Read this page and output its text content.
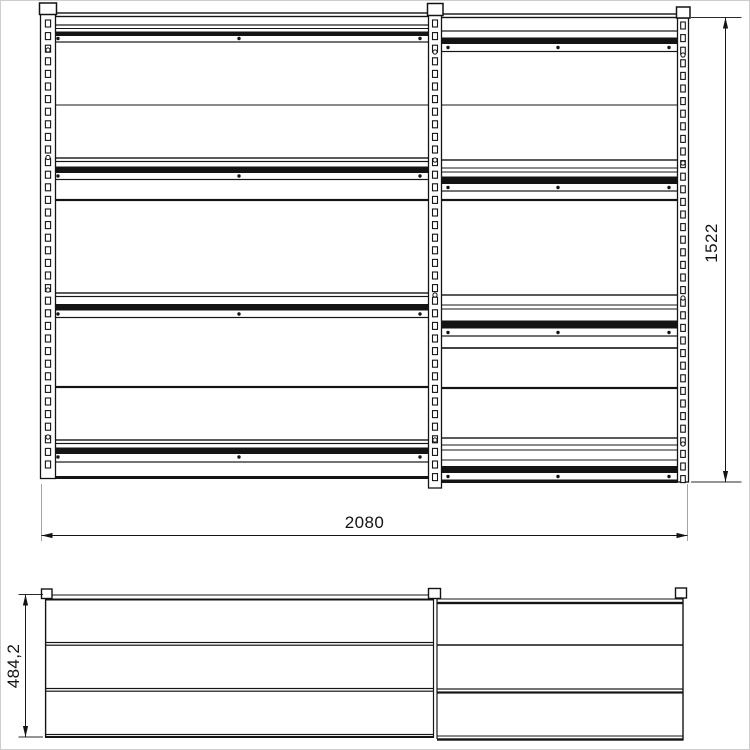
2080
1522
484,2
